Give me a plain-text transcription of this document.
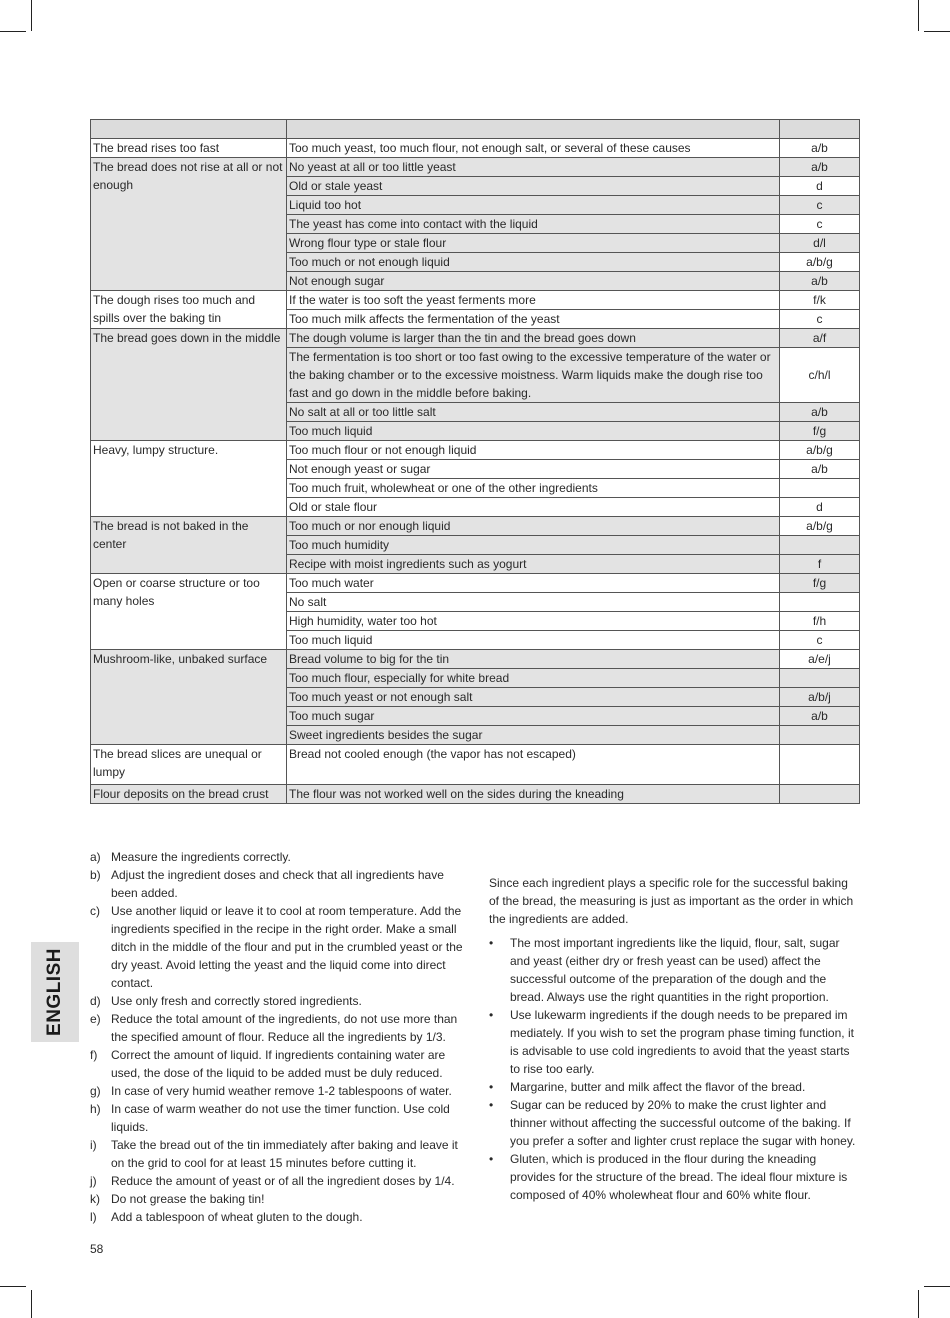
The bread rises too fast	Too much yeast, too much flour, not enough salt, or several of these causes	a/b
The bread does not rise at all or not enough	No yeast at all or too little yeast	a/b
	Old or stale yeast	d
	Liquid too hot	c
	The yeast has come into contact with the liquid	c
	Wrong flour type or stale flour	d/l
	Too much or not enough liquid	a/b/g
	Not enough sugar	a/b
The dough rises too much and spills over the baking tin	If the water is too soft the yeast ferments more	f/k
	Too much milk affects the fermentation of the yeast	c
The bread goes down in the middle	The dough volume is larger than the tin and the bread goes down	a/f
	The fermentation is too short or too fast owing to the excessive temperature of the water or the baking chamber or to the excessive moistness. Warm liquids make the dough rise too fast and go down in the middle before baking.	c/h/l
	No salt at all or too little salt	a/b
	Too much liquid	f/g
Heavy, lumpy structure.	Too much flour or not enough liquid	a/b/g
	Not enough yeast or sugar	a/b
	Too much fruit, wholewheat or one of the other ingredients	
	Old or stale flour	d
The bread is not baked in the center	Too much or nor enough liquid	a/b/g
	Too much humidity	
	Recipe with moist ingredients such as yogurt	f
Open or coarse structure or too many holes	Too much water	f/g
	No salt	
	High humidity, water too hot	f/h
	Too much liquid	c
Mushroom-like, unbaked surface	Bread volume to big for the tin	a/e/j
	Too much flour, especially for white bread	
	Too much yeast or not enough salt	a/b/j
	Too much sugar	a/b
	Sweet ingredients besides the sugar	
The bread slices are unequal or lumpy	Bread not cooled enough (the vapor has not escaped)	
Flour deposits on the bread crust	The flour was not worked well on the sides during the kneading	
a) Measure the ingredients correctly.
b) Adjust the ingredient doses and check that all ingredients have been added.
c) Use another liquid or leave it to cool at room temperature. Add the ingredients specified in the recipe in the right order. Make a small ditch in the middle of the flour and put in the crumbled yeast or the dry yeast. Avoid letting the yeast and the liquid come into direct contact.
d) Use only fresh and correctly stored ingredients.
e) Reduce the total amount of the ingredients, do not use more than the specified amount of flour. Reduce all the ingredients by 1/3.
f) Correct the amount of liquid. If ingredients containing water are used, the dose of the liquid to be added must be duly reduced.
g) In case of very humid weather remove 1-2 tablespoons of water.
h) In case of warm weather do not use the timer function. Use cold liquids.
i) Take the bread out of the tin immediately after baking and leave it on the grid to cool for at least 15 minutes before cutting it.
j) Reduce the amount of yeast or of all the ingredient doses by 1/4.
k) Do not grease the baking tin!
l) Add a tablespoon of wheat gluten to the dough.

Since each ingredient plays a specific role for the successful baking of the bread, the measuring is just as important as the order in which the ingredients are added.

• The most important ingredients like the liquid, flour, salt, sugar and yeast (either dry or fresh yeast can be used) affect the successful outcome of the preparation of the dough and the bread. Always use the right quantities in the right proportion.
• Use lukewarm ingredients if the dough needs to be prepared im mediately. If you wish to set the program phase timing function, it is advisable to use cold ingredients to avoid that the yeast starts to rise too early.
• Margarine, butter and milk affect the flavor of the bread.
• Sugar can be reduced by 20% to make the crust lighter and thinner without affecting the successful outcome of the baking. If you prefer a softer and lighter crust replace the sugar with honey.
• Gluten, which is produced in the flour during the kneading provides for the structure of the bread. The ideal flour mixture is composed of 40% wholewheat flour and 60% white flour.
ENGLISH
58
